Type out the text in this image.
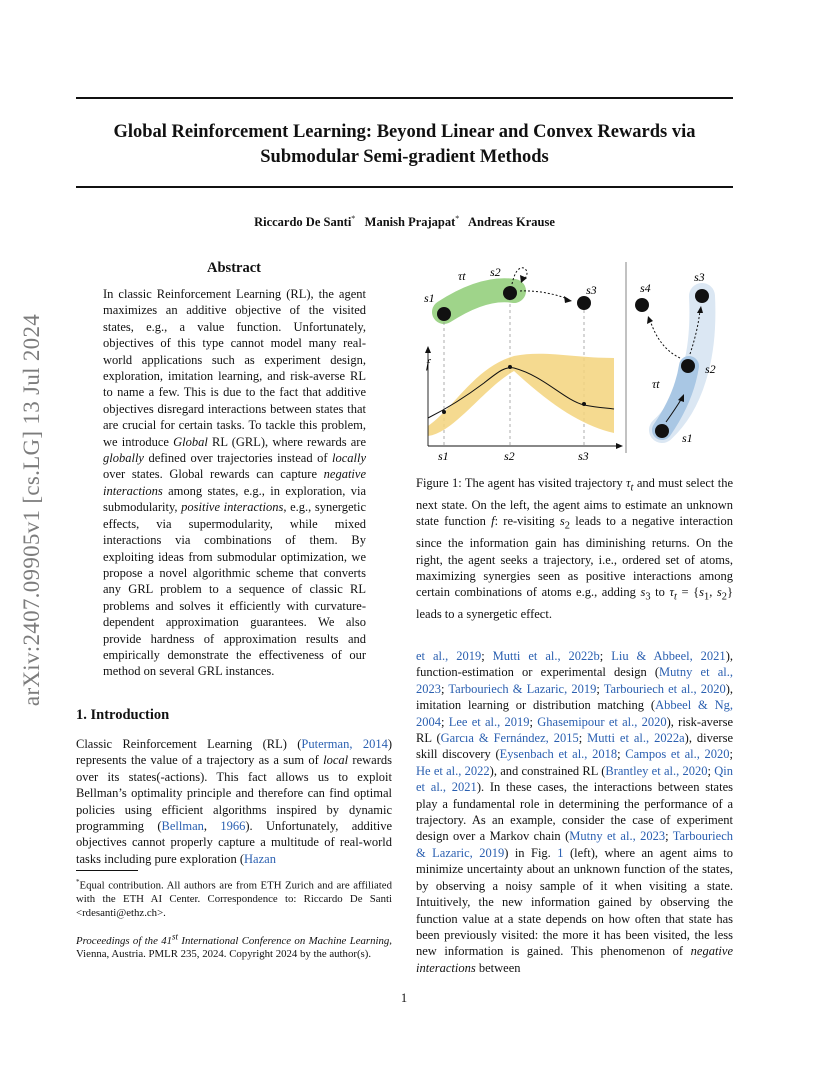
Global Reinforcement Learning: Beyond Linear and Convex Rewards via
Submodular Semi-gradient Methods
Riccardo De Santi* Manish Prajapat* Andreas Krause
arXiv:2407.09905v1 [cs.LG] 13 Jul 2024
Abstract
In classic Reinforcement Learning (RL), the agent maximizes an additive objective of the visited states, e.g., a value function. Unfortunately, objectives of this type cannot model many real-world applications such as experiment design, exploration, imitation learning, and risk-averse RL to name a few. This is due to the fact that additive objectives disregard interactions between states that are crucial for certain tasks. To tackle this problem, we introduce Global RL (GRL), where rewards are globally defined over trajectories instead of locally over states. Global rewards can capture negative interactions among states, e.g., in exploration, via submodularity, positive interactions, e.g., synergetic effects, via supermodularity, while mixed interactions via combinations of them. By exploiting ideas from submodular optimization, we propose a novel algorithmic scheme that converts any GRL problem to a sequence of classic RL problems and solves it efficiently with curvature-dependent approximation guarantees. We also provide hardness of approximation results and empirically demonstrate the effectiveness of our method on several GRL instances.
1. Introduction
Classic Reinforcement Learning (RL) (Puterman, 2014) represents the value of a trajectory as a sum of local rewards over its states(-actions). This fact allows us to exploit Bellman’s optimality principle and therefore can find optimal policies using efficient algorithms inspired by dynamic programming (Bellman, 1966). Unfortunately, additive objectives cannot properly capture a multitude of real-world tasks including pure exploration (Hazan
*Equal contribution. All authors are from ETH Zurich and are affiliated with the ETH AI Center. Correspondence to: Riccardo De Santi <rdesanti@ethz.ch>.
Proceedings of the 41st International Conference on Machine Learning, Vienna, Austria. PMLR 235, 2024. Copyright 2024 by the author(s).
τt s2
s1
s3
f
s1	s2	s3
s4
s3
s2
s1
τt
Figure 1: The agent has visited trajectory $\tau_t$ and must select the next state. On the left, the agent aims to estimate an unknown state function f: re-visiting $s_2$ leads to a negative interaction since the information gain has diminishing returns. On the right, the agent seeks a trajectory, i.e., ordered set of atoms, maximizing synergies seen as positive interactions among certain combinations of atoms e.g., adding $s_3$ to $\tau_t = \{s_1$, $s_2$} leads to a synergetic effect.
et al., 2019; Mutti et al., 2022b; Liu & Abbeel, 2021), function-estimation or experimental design (Mutny et al., 2023; Tarbouriech & Lazaric, 2019; Tarbouriech et al., 2020), imitation learning or distribution matching (Abbeel & Ng, 2004; Lee et al., 2019; Ghasemipour et al., 2020), risk-averse RL (Garcıa & Fernández, 2015; Mutti et al., 2022a), diverse skill discovery (Eysenbach et al., 2018; Campos et al., 2020; He et al., 2022), and constrained RL (Brantley et al., 2020; Qin et al., 2021). In these cases, the interactions between states play a fundamental role in determining the performance of a trajectory. As an example, consider the case of experiment design over a Markov chain (Mutny et al., 2023; Tarbouriech & Lazaric, 2019) in Fig. 1 (left), where an agent aims to minimize uncertainty about an unknown function of the states, by observing a noisy sample of it when visiting a state. Intuitively, the new information gained by observing the function value at a state depends on how often that state has been previously visited: the more it has been visited, the less new information is gained. This phenomenon of negative interactions between
1
